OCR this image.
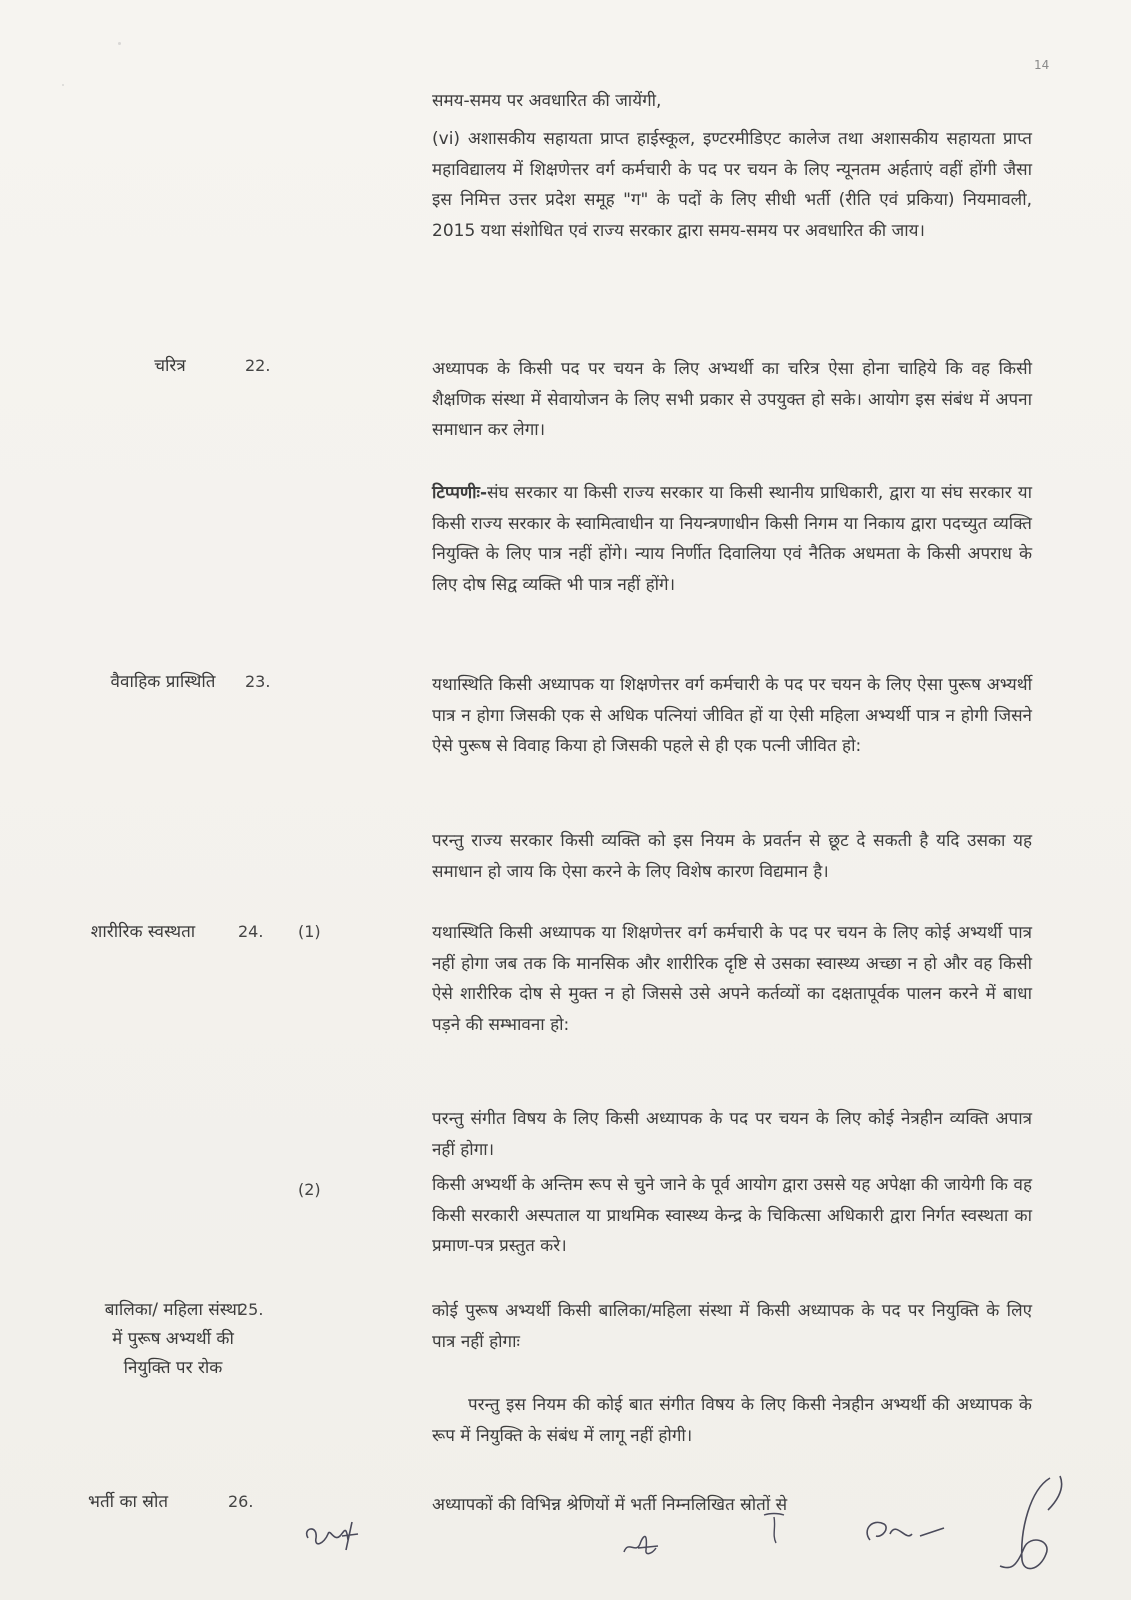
14

समय-समय पर अवधारित की जायेंगी,

(vi) अशासकीय सहायता प्राप्त हाईस्कूल, इण्टरमीडिएट कालेज तथा अशासकीय सहायता प्राप्त महाविद्यालय में शिक्षणेत्तर वर्ग कर्मचारी के पद पर चयन के लिए न्यूनतम अर्हताएं वहीं होंगी जैसा इस निमित्त उत्तर प्रदेश समूह "ग" के पदों के लिए सीधी भर्ती (रीति एवं प्रकिया) नियमावली, 2015 यथा संशोधित एवं राज्य सरकार द्वारा समय-समय पर अवधारित की जाय।

अध्यापक के किसी पद पर चयन के लिए अभ्यर्थी का चरित्र ऐसा होना चाहिये कि वह किसी शैक्षणिक संस्था में सेवायोजन के लिए सभी प्रकार से उपयुक्त हो सके। आयोग इस संबंध में अपना समाधान कर लेगा।

टिप्पणीः-संघ सरकार या किसी राज्य सरकार या किसी स्थानीय प्राधिकारी, द्वारा या संघ सरकार या किसी राज्य सरकार के स्वामित्वाधीन या नियन्त्रणाधीन किसी निगम या निकाय द्वारा पदच्युत व्यक्ति नियुक्ति के लिए पात्र नहीं होंगे। न्याय निर्णीत दिवालिया एवं नैतिक अधमता के किसी अपराध के लिए दोष सिद्व व्यक्ति भी पात्र नहीं होंगे।

यथास्थिति किसी अध्यापक या शिक्षणेत्तर वर्ग कर्मचारी के पद पर चयन के लिए ऐसा पुरूष अभ्यर्थी पात्र न होगा जिसकी एक से अधिक पत्नियां जीवित हों या ऐसी महिला अभ्यर्थी पात्र न होगी जिसने ऐसे पुरूष से विवाह किया हो जिसकी पहले से ही एक पत्नी जीवित हो:

परन्तु राज्य सरकार किसी व्यक्ति को इस नियम के प्रवर्तन से छूट दे सकती है यदि उसका यह समाधान हो जाय कि ऐसा करने के लिए विशेष कारण विद्यमान है।

यथास्थिति किसी अध्यापक या शिक्षणेत्तर वर्ग कर्मचारी के पद पर चयन के लिए कोई अभ्यर्थी पात्र नहीं होगा जब तक कि मानसिक और शारीरिक दृष्टि से उसका स्वास्थ्य अच्छा न हो और वह किसी ऐसे शारीरिक दोष से मुक्त न हो जिससे उसे अपने कर्तव्यों का दक्षतापूर्वक पालन करने में बाधा पड़ने की सम्भावना हो:

परन्तु संगीत विषय के लिए किसी अध्यापक के पद पर चयन के लिए कोई नेत्रहीन व्यक्ति अपात्र नहीं होगा।

किसी अभ्यर्थी के अन्तिम रूप से चुने जाने के पूर्व आयोग द्वारा उससे यह अपेक्षा की जायेगी कि वह किसी सरकारी अस्पताल या प्राथमिक स्वास्थ्य केन्द्र के चिकित्सा अधिकारी द्वारा निर्गत स्वस्थता का प्रमाण-पत्र प्रस्तुत करे।

कोई पुरूष अभ्यर्थी किसी बालिका/महिला संस्था में किसी अध्यापक के पद पर नियुक्ति के लिए पात्र नहीं होगाः

परन्तु इस नियम की कोई बात संगीत विषय के लिए किसी नेत्रहीन अभ्यर्थी की अध्यापक के रूप में नियुक्ति के संबंध में लागू नहीं होगी।

अध्यापकों की विभिन्न श्रेणियों में भर्ती निम्नलिखित स्रोतों से

चरित्र
वैवाहिक प्रास्थिति
शारीरिक स्वस्थता
बालिका/ महिला संस्था में पुरूष अभ्यर्थी की नियुक्ति पर रोक
भर्ती का स्रोत
22.
23.
24.
25.
26.
(1)
(2)
